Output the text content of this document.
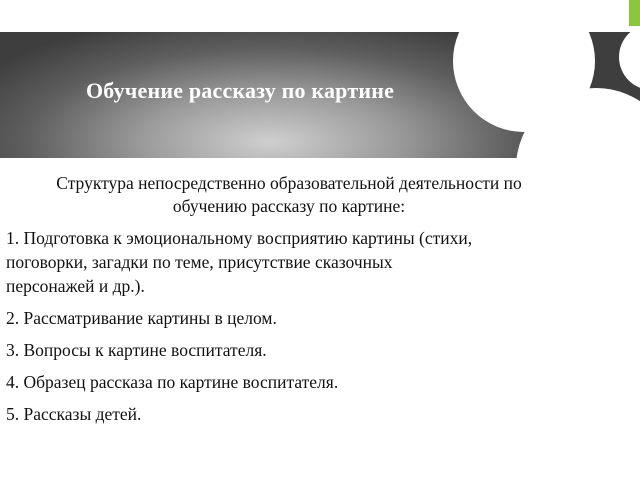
Обучение рассказу по картине
Структура непосредственно образовательной деятельности по
обучению рассказу по картине:
1. Подготовка к эмоциональному восприятию картины (стихи,
поговорки, загадки по теме, присутствие сказочных
персонажей и др.).
2. Рассматривание картины в целом.
3. Вопросы к картине воспитателя.
4. Образец рассказа по картине воспитателя.
5. Рассказы детей.
